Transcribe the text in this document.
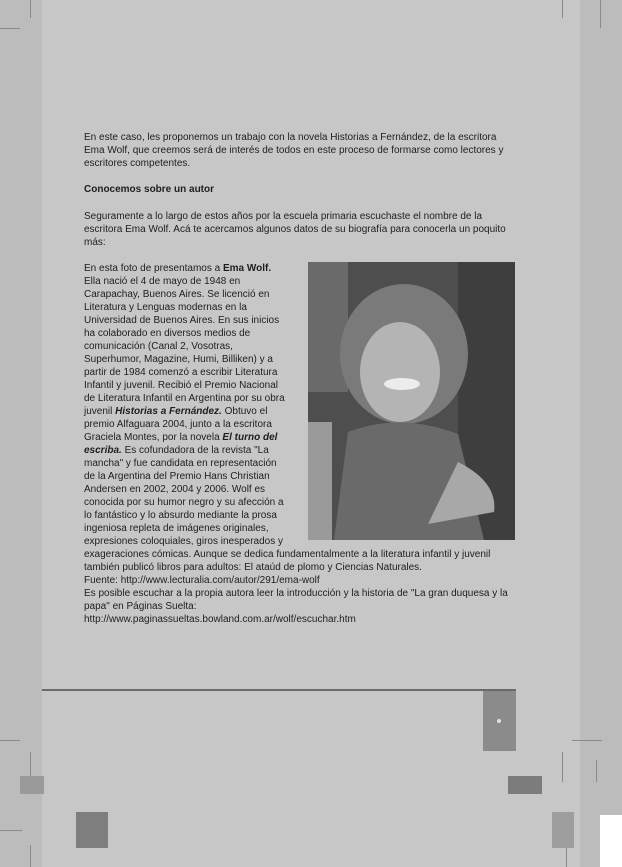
En este caso, les proponemos un trabajo con la novela Historias a Fernández, de la escritora Ema Wolf, que creemos será de interés de todos en este proceso de formarse como lectores y escritores competentes.

Conocemos sobre un autor

Seguramente a lo largo de estos años por la escuela primaria escuchaste el nombre de la escritora Ema Wolf. Acá te acercamos algunos datos de su biografía para conocerla un poquito más:

En esta foto de presentamos a Ema Wolf. Ella nació el 4 de mayo de 1948 en Carapachay, Buenos Aires. Se licenció en Literatura y Lenguas modernas en la Universidad de Buenos Aires. En sus inicios ha colaborado en diversos medios de comunicación (Canal 2, Vosotras, Superhumor, Magazine, Humi, Billiken) y a partir de 1984 comenzó a escribir Literatura Infantil y juvenil. Recibió el Premio Nacional de Literatura Infantil en Argentina por su obra juvenil Historias a Fernández. Obtuvo el premio Alfaguara 2004, junto a la escritora Graciela Montes, por la novela El turno del escriba. Es cofundadora de la revista "La mancha" y fue candidata en representación de la Argentina del Premio Hans Christian Andersen en 2002, 2004 y 2006. Wolf es conocida por su humor negro y su afección a lo fantástico y lo absurdo mediante la prosa ingeniosa repleta de imágenes originales, expresiones coloquiales, giros inesperados y exageraciones cómicas. Aunque se dedica fundamentalmente a la literatura infantil y juvenil también publicó libros para adultos: El ataúd de plomo y Ciencias Naturales.
Fuente: http://www.lecturalia.com/autor/291/ema-wolf
Es posible escuchar a la propia autora leer la introducción y la historia de "La gran duquesa y la papa" en Páginas Suelta:
http://www.paginassueltas.bowland.com.ar/wolf/escuchar.htm
